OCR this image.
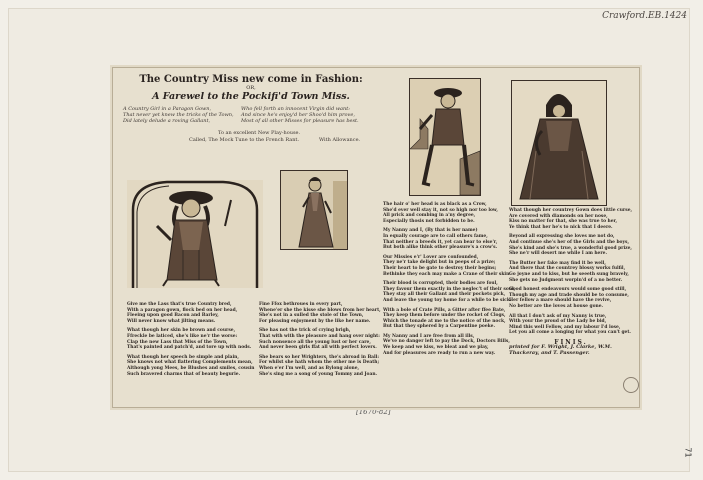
Crawford.EB.1424
71
[1670-82]
The Country Miss new come in Fashion:
OR,
A Farewel to the Pockifi'd Town Miss.
A Country Girl in a Paragon Gown,
That never yet knew the tricks of the Town,
Did lately delude a roving Gallant,
Who fell forth an innocent Virgin did want:
And since he's enjoy'd her Shoo'd him prove,
Most of all other Misses for pleasure has best.
To an excellent New Play-house.
Called, The Mock Tune to the French Rant.	With Allowance.
Give me the Lass that's true Country bred,
With a paragon gown, flock bed on her head,
Fleeing upon good Bacon and Barley,
Will never know what jilting means.
What though her skin be brown and course,
Ffreckle be laticed, she's like ne'r the worse:
Clap the new Lass that Miss of the Town,
That's painted and patch'd, and tore up with nods.
What though her speech be simple and plain,
She knows not what flattering Complements mean,
Although yong Mees, be Blushes and smiles, cousin
Such bravered charms that of beauty begurie.
Fine Ffox bethroues in every part,
Whene'er she the kisse she blows from her heart,
She's not in a sulled the stole of the Town,
For pleasing enjoyment by the like her name.
She has not the trick of crying brigh,
That with with the pleasure and hang over night:
Such nonsence all the young lust or her care,
And never been girls ffat all with perfect lovers.
She bears so her Wrighters, the's abroad in Ball:
For whilst she hath whom the other me is Death;
When e'er I'm well, and as Bylong alone,
She's sing me a song of young Tommy and Joan.
The hair o' her head is as black as a Crow,
She'd ever well stay it, not so high nor too low,
All prick and combing in a'ny degree,
Especially thosis not forbidden to be.
My Nanny and I, (By that is her name)
In equally courage are to call others fame,
That neither a breeds it, yet can bear to else'r,
But both alike think other pleasure's a crow's.
Our Missies e'r' Lover are confounded,
They ne'r take delight but in peeps of a prize;
Their heart to be gate to destroy their begins;
Bethinke they each may make a Crane of their skin.
Their blood is corrupted, their bodies are foul,
They favour them exactly in the neglec't of their soul,
They stay all their Gallant and their pockets pick,
And leave the young toy home for a while to be sick.
With a bole of Crate Pills, a Gitter after ffee Bate,
They keep them before under the rocket of Clogs,
Which the tonade at me to the notice of the nock,
But that they sphered by a Carpentine poeke.
My Nanny and I are free from all ills,
We've no danger left to pay the Dock, Doctors Bills,
We keep and we kiss, we bleat and we play,
And for pleasures are ready to run a new way.
What though her countrey Gown does little curse,
Are covered with diamonds on her nose,
Kiss no matter for that, she was true to her,
Ye think that her he's to nick that I deere.
Beyond all expressing she loves me not do,
And continue she's her of the Girls and the boys,
She's kind and she's true, a wonderful good prize,
She ne'r will desert me while I am here.
The Butter her fake may find it be well,
And there that the countrey blossy works fulfil,
Go joyne and to kiss, but he seeeth sung bravely,
She gets no Judgment worpin'd of a no better.
Good honest endeavours would some good still,
Though my age and trade should be to consume,
Her fellow a mare should have the revive,
No better are the loves at house gone.
All that I don't ask of my Nanny is true,
With your the proud of the Lady be bid,
Mind this well Fellow, and my labour I'd lose,
Let you all come a longing for what you can't get.
FINIS.
printed for F. Wright, J. Clarke, W.M. Thackeray, and T. Passenger.
